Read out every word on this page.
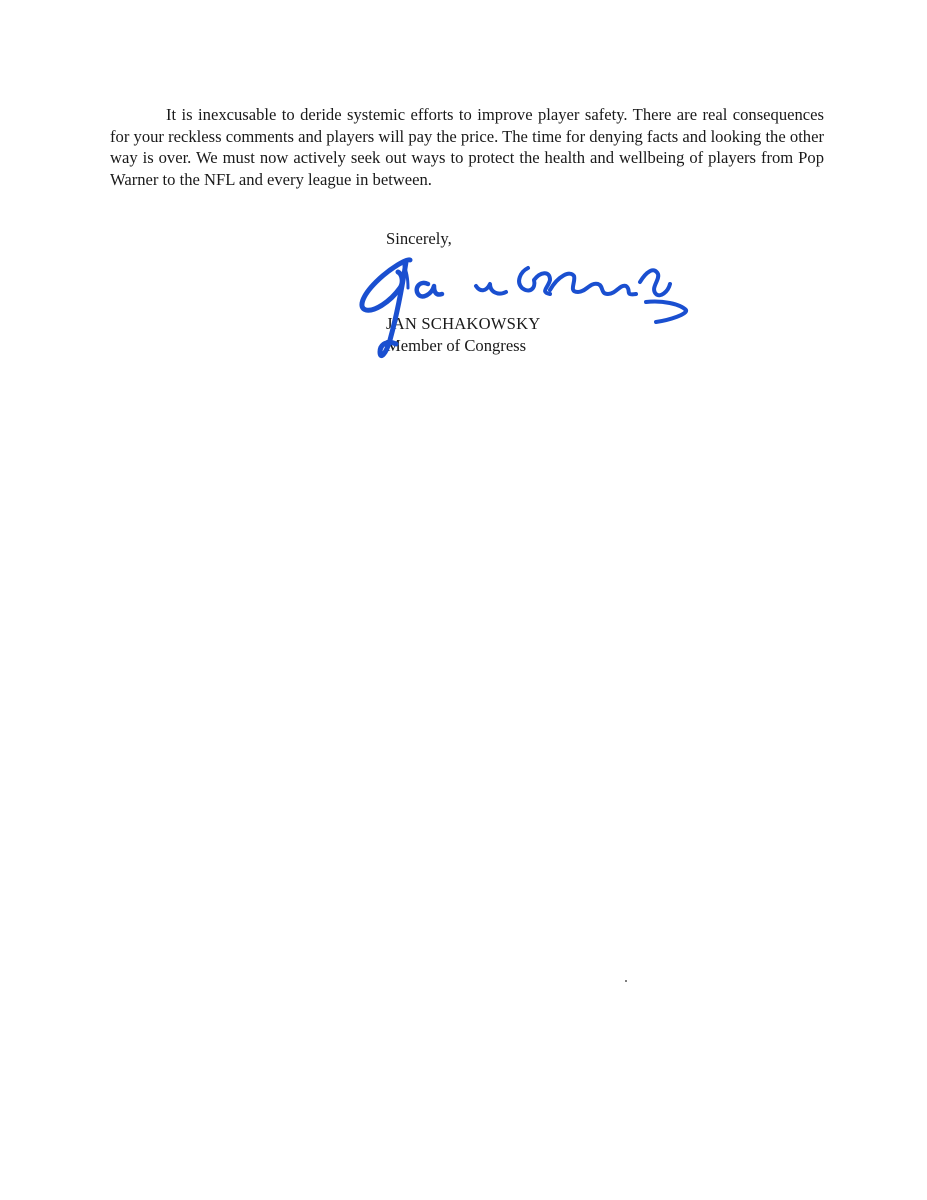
It is inexcusable to deride systemic efforts to improve player safety. There are real consequences for your reckless comments and players will pay the price. The time for denying facts and looking the other way is over. We must now actively seek out ways to protect the health and wellbeing of players from Pop Warner to the NFL and every league in between.

Sincerely,

JAN SCHAKOWSKY

Member of Congress
